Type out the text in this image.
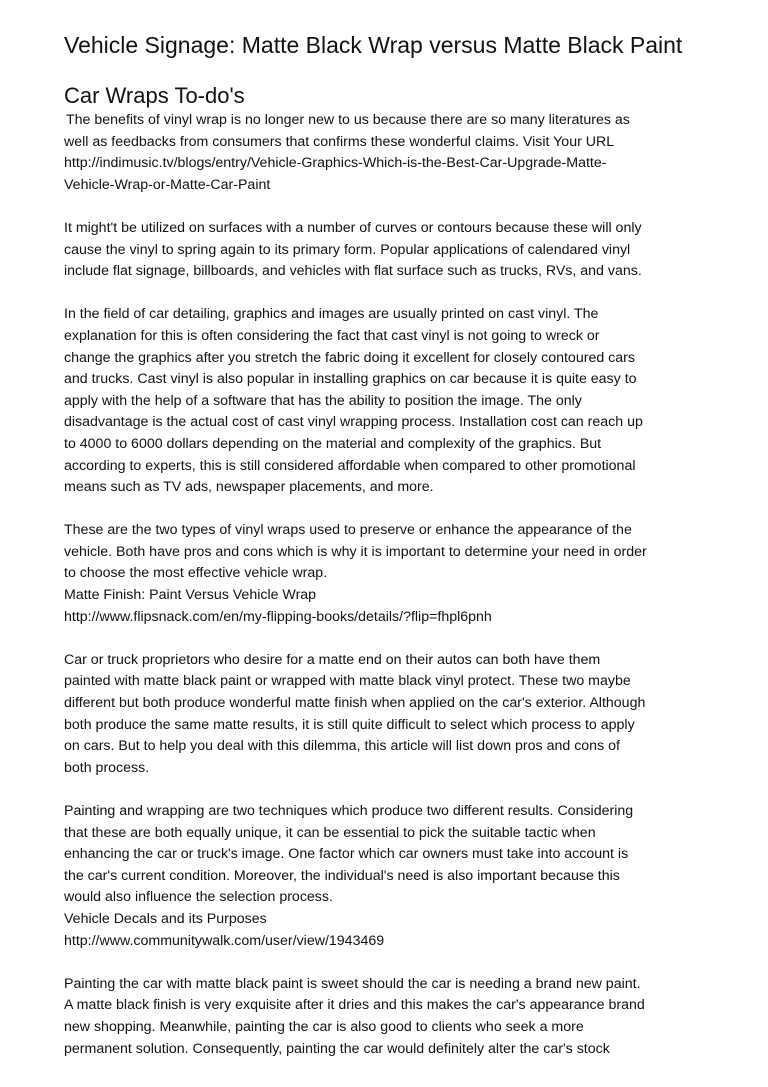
Vehicle Signage: Matte Black Wrap versus Matte Black Paint
Car Wraps To-do's

The benefits of vinyl wrap is no longer new to us because there are so many literatures as
well as feedbacks from consumers that confirms these wonderful claims. Visit Your URL
http://indimusic.tv/blogs/entry/Vehicle-Graphics-Which-is-the-Best-Car-Upgrade-Matte-
Vehicle-Wrap-or-Matte-Car-Paint

It might't be utilized on surfaces with a number of curves or contours because these will only
cause the vinyl to spring again to its primary form. Popular applications of calendared vinyl
include flat signage, billboards, and vehicles with flat surface such as trucks, RVs, and vans.

In the field of car detailing, graphics and images are usually printed on cast vinyl. The
explanation for this is often considering the fact that cast vinyl is not going to wreck or
change the graphics after you stretch the fabric doing it excellent for closely contoured cars
and trucks. Cast vinyl is also popular in installing graphics on car because it is quite easy to
apply with the help of a software that has the ability to position the image. The only
disadvantage is the actual cost of cast vinyl wrapping process. Installation cost can reach up
to 4000 to 6000 dollars depending on the material and complexity of the graphics. But
according to experts, this is still considered affordable when compared to other promotional
means such as TV ads, newspaper placements, and more.

These are the two types of vinyl wraps used to preserve or enhance the appearance of the
vehicle. Both have pros and cons which is why it is important to determine your need in order
to choose the most effective vehicle wrap.
Matte Finish: Paint Versus Vehicle Wrap
http://www.flipsnack.com/en/my-flipping-books/details/?flip=fhpl6pnh

Car or truck proprietors who desire for a matte end on their autos can both have them
painted with matte black paint or wrapped with matte black vinyl protect. These two maybe
different but both produce wonderful matte finish when applied on the car's exterior. Although
both produce the same matte results, it is still quite difficult to select which process to apply
on cars. But to help you deal with this dilemma, this article will list down pros and cons of
both process.

Painting and wrapping are two techniques which produce two different results. Considering
that these are both equally unique, it can be essential to pick the suitable tactic when
enhancing the car or truck's image. One factor which car owners must take into account is
the car's current condition. Moreover, the individual's need is also important because this
would also influence the selection process.
Vehicle Decals and its Purposes
http://www.communitywalk.com/user/view/1943469

Painting the car with matte black paint is sweet should the car is needing a brand new paint.
A matte black finish is very exquisite after it dries and this makes the car's appearance brand
new shopping. Meanwhile, painting the car is also good to clients who seek a more
permanent solution. Consequently, painting the car would definitely alter the car's stock
